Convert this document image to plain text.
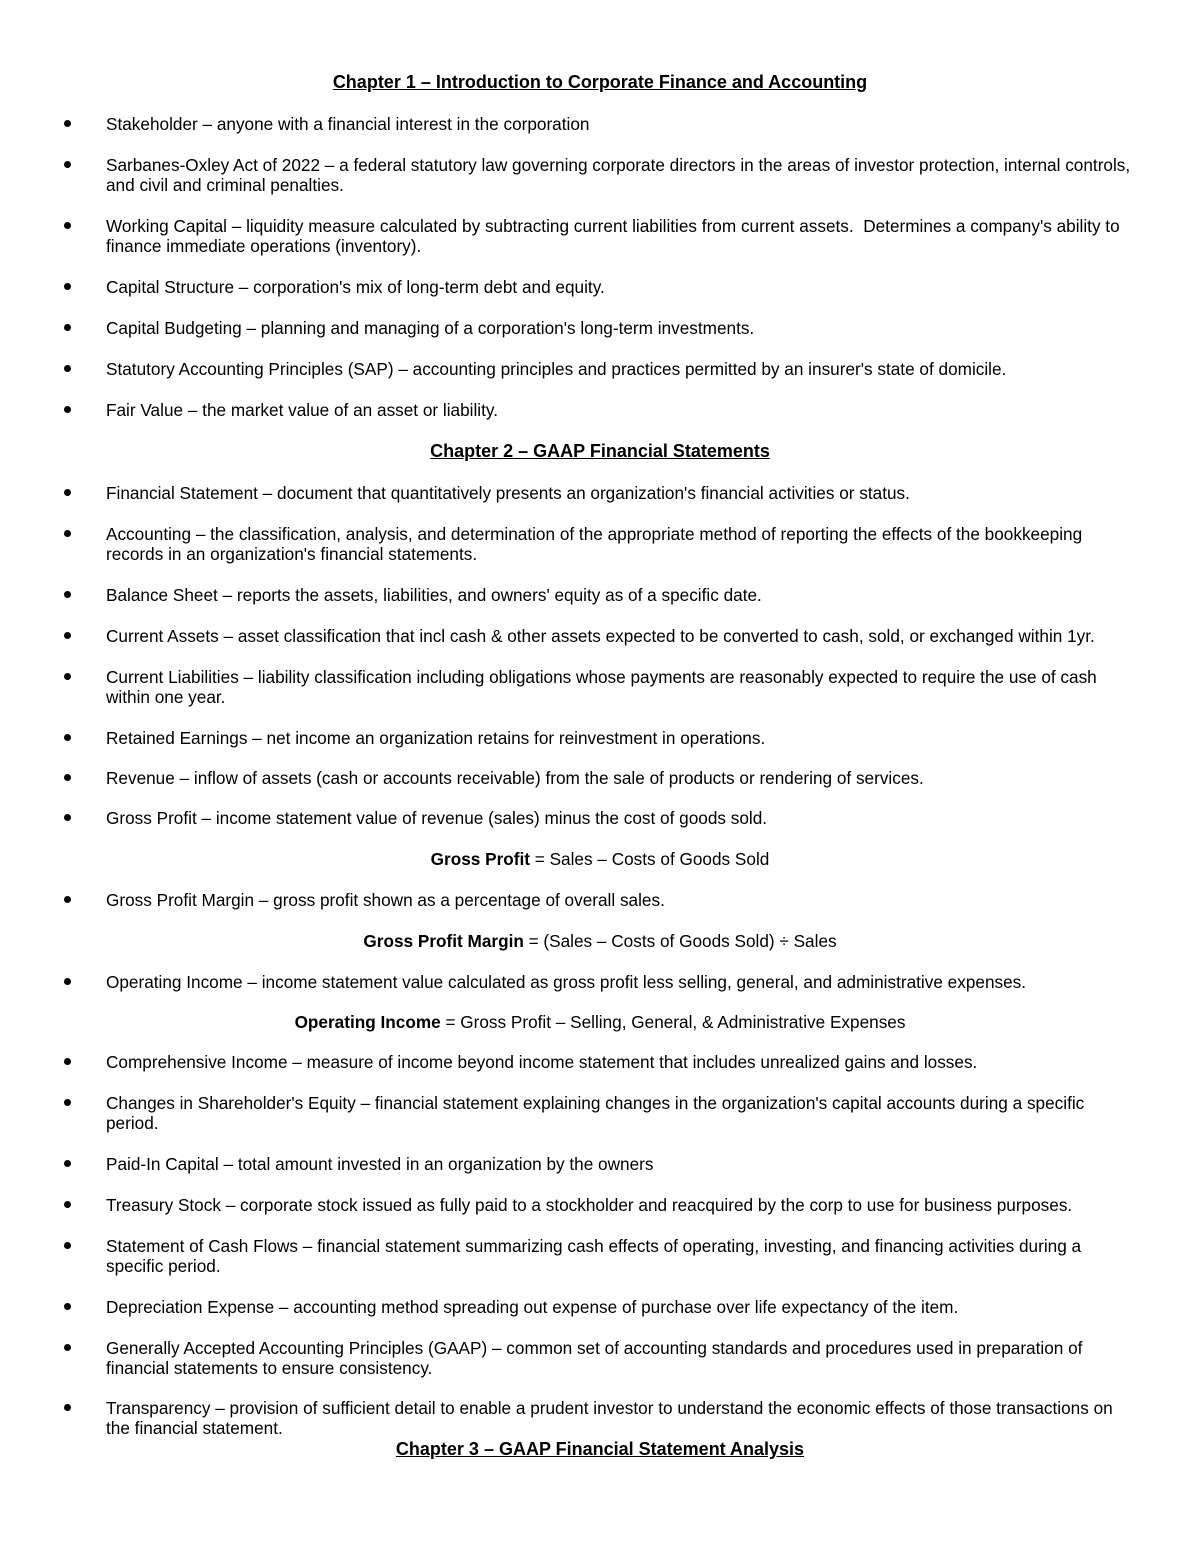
Chapter 1 – Introduction to Corporate Finance and Accounting
Stakeholder – anyone with a financial interest in the corporation
Sarbanes-Oxley Act of 2022 – a federal statutory law governing corporate directors in the areas of investor protection, internal controls, and civil and criminal penalties.
Working Capital – liquidity measure calculated by subtracting current liabilities from current assets.  Determines a company's ability to finance immediate operations (inventory).
Capital Structure – corporation's mix of long-term debt and equity.
Capital Budgeting – planning and managing of a corporation's long-term investments.
Statutory Accounting Principles (SAP) – accounting principles and practices permitted by an insurer's state of domicile.
Fair Value – the market value of an asset or liability.
Chapter 2 – GAAP Financial Statements
Financial Statement – document that quantitatively presents an organization's financial activities or status.
Accounting – the classification, analysis, and determination of the appropriate method of reporting the effects of the bookkeeping records in an organization's financial statements.
Balance Sheet – reports the assets, liabilities, and owners' equity as of a specific date.
Current Assets – asset classification that incl cash & other assets expected to be converted to cash, sold, or exchanged within 1yr.
Current Liabilities – liability classification including obligations whose payments are reasonably expected to require the use of cash within one year.
Retained Earnings – net income an organization retains for reinvestment in operations.
Revenue – inflow of assets (cash or accounts receivable) from the sale of products or rendering of services.
Gross Profit – income statement value of revenue (sales) minus the cost of goods sold.
Gross Profit = Sales – Costs of Goods Sold
Gross Profit Margin – gross profit shown as a percentage of overall sales.
Gross Profit Margin = (Sales – Costs of Goods Sold) ÷ Sales
Operating Income – income statement value calculated as gross profit less selling, general, and administrative expenses.
Operating Income = Gross Profit – Selling, General, & Administrative Expenses
Comprehensive Income – measure of income beyond income statement that includes unrealized gains and losses.
Changes in Shareholder's Equity – financial statement explaining changes in the organization's capital accounts during a specific period.
Paid-In Capital – total amount invested in an organization by the owners
Treasury Stock – corporate stock issued as fully paid to a stockholder and reacquired by the corp to use for business purposes.
Statement of Cash Flows – financial statement summarizing cash effects of operating, investing, and financing activities during a specific period.
Depreciation Expense – accounting method spreading out expense of purchase over life expectancy of the item.
Generally Accepted Accounting Principles (GAAP) – common set of accounting standards and procedures used in preparation of financial statements to ensure consistency.
Transparency – provision of sufficient detail to enable a prudent investor to understand the economic effects of those transactions on the financial statement.
Chapter 3 – GAAP Financial Statement Analysis
